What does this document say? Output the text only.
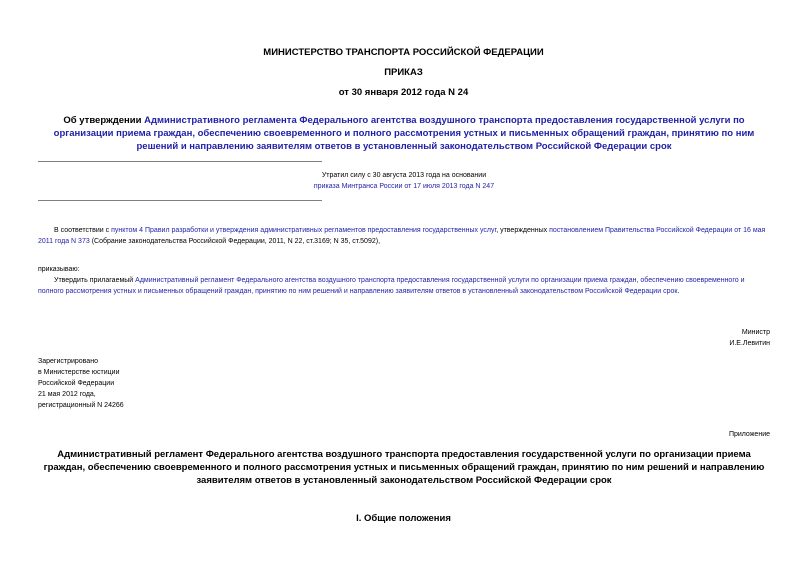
МИНИСТЕРСТВО ТРАНСПОРТА РОССИЙСКОЙ ФЕДЕРАЦИИ
ПРИКАЗ
от 30 января 2012 года N 24
Об утверждении Административного регламента Федерального агентства воздушного транспорта предоставления государственной услуги по организации приема граждан, обеспечению своевременного и полного рассмотрения устных и письменных обращений граждан, принятию по ним решений и направлению заявителям ответов в установленный законодательством Российской Федерации срок
Утратил силу с 30 августа 2013 года на основании
приказа Минтранса России от 17 июля 2013 года N 247
В соответствии с пунктом 4 Правил разработки и утверждения административных регламентов предоставления государственных услуг, утвержденных постановлением Правительства Российской Федерации от 16 мая 2011 года N 373 (Собрание законодательства Российской Федерации, 2011, N 22, ст.3169; N 35, ст.5092),
приказываю:
Утвердить прилагаемый Административный регламент Федерального агентства воздушного транспорта предоставления государственной услуги по организации приема граждан, обеспечению своевременного и полного рассмотрения устных и письменных обращений граждан, принятию по ним решений и направлению заявителям ответов в установленный законодательством Российской Федерации срок.
Министр
И.Е.Левитин
Зарегистрировано
в Министерстве юстиции
Российской Федерации
21 мая 2012 года,
регистрационный N 24266
Приложение
Административный регламент Федерального агентства воздушного транспорта предоставления государственной услуги по организации приема граждан, обеспечению своевременного и полного рассмотрения устных и письменных обращений граждан, принятию по ним решений и направлению заявителям ответов в установленный законодательством Российской Федерации срок
I. Общие положения
